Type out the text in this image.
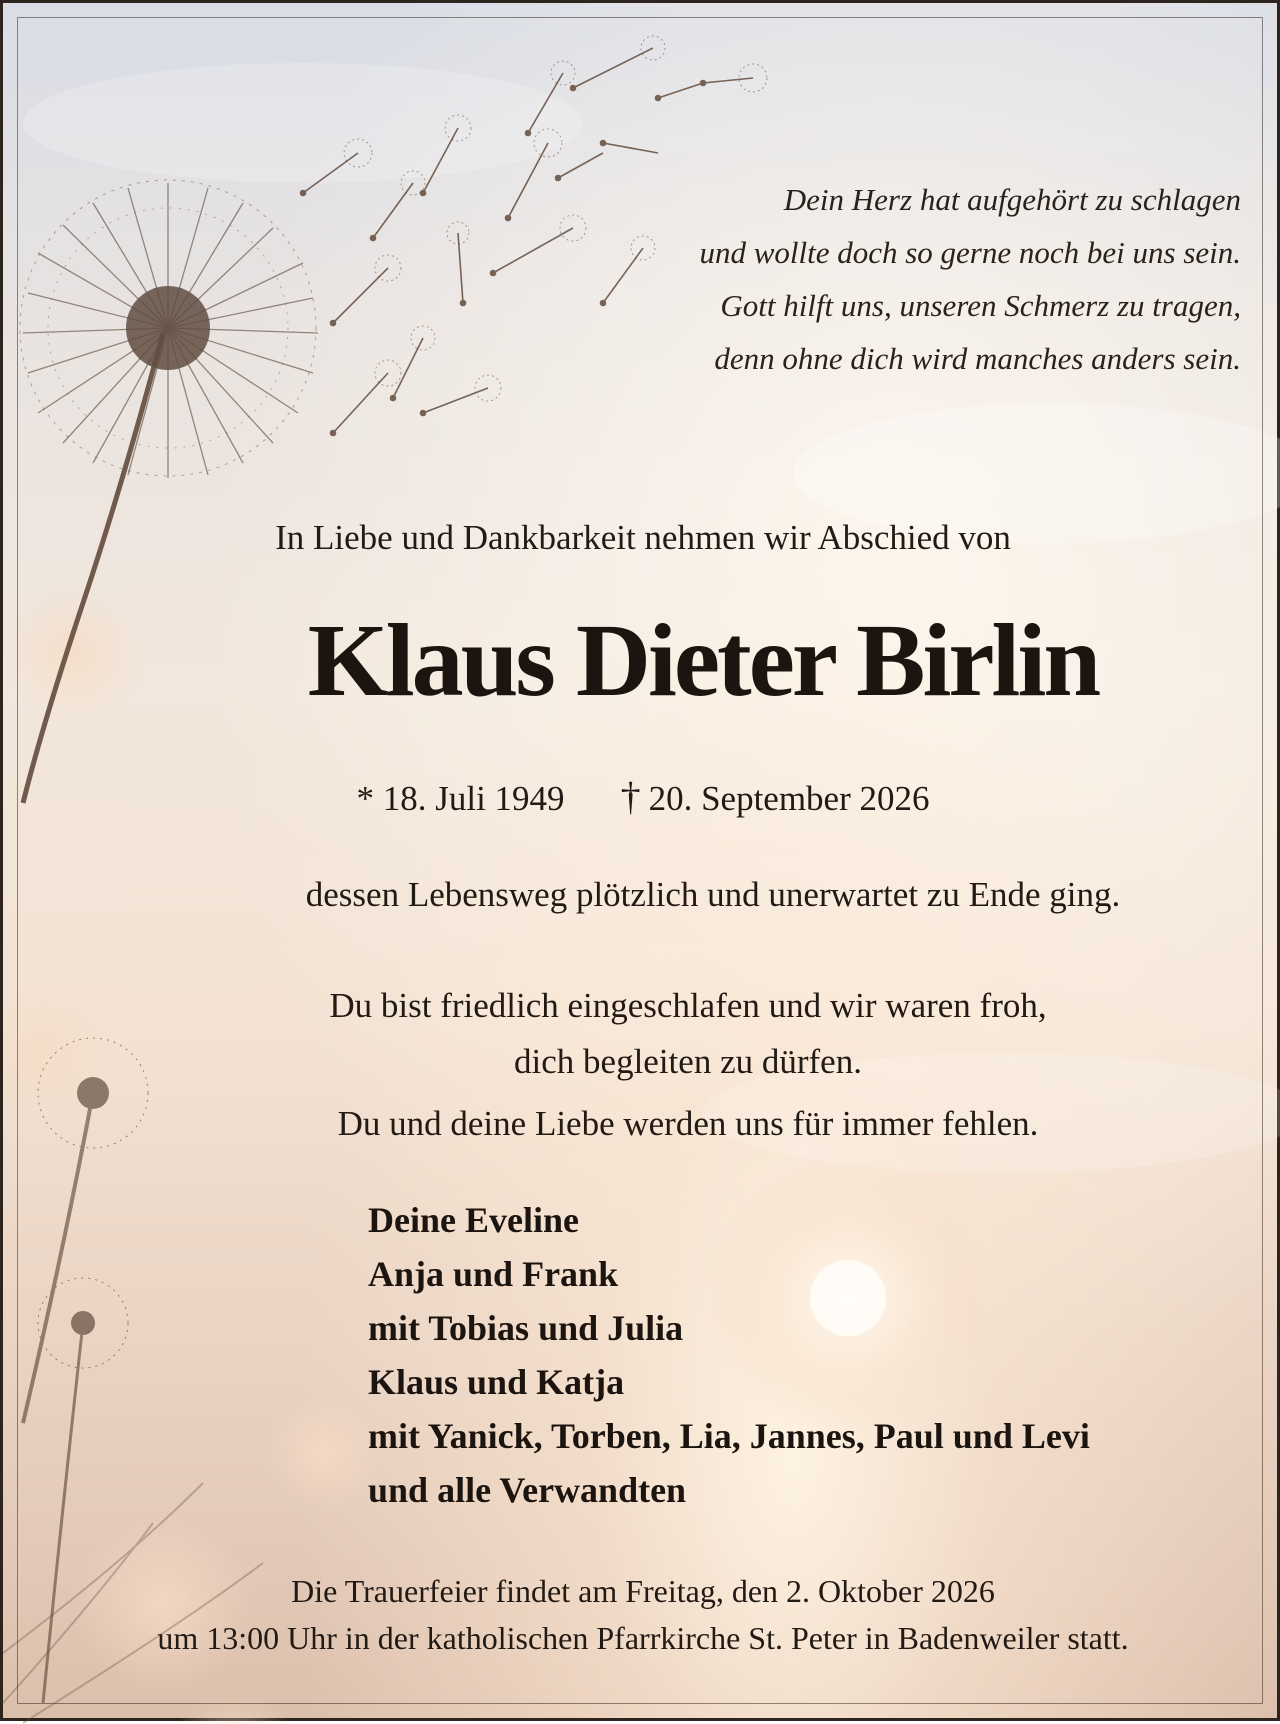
Dein Herz hat aufgehört zu schlagen
und wollte doch so gerne noch bei uns sein.
Gott hilft uns, unseren Schmerz zu tragen,
denn ohne dich wird manches anders sein.
In Liebe und Dankbarkeit nehmen wir Abschied von
Klaus Dieter Birlin
* 18. Juli 1949 † 20. September 2026
dessen Lebensweg plötzlich und unerwartet zu Ende ging.
Du bist friedlich eingeschlafen und wir waren froh,
dich begleiten zu dürfen.
Du und deine Liebe werden uns für immer fehlen.
Deine Eveline
Anja und Frank
mit Tobias und Julia
Klaus und Katja
mit Yanick, Torben, Lia, Jannes, Paul und Levi
und alle Verwandten
Die Trauerfeier findet am Freitag, den 2. Oktober 2026
um 13:00 Uhr in der katholischen Pfarrkirche St. Peter in Badenweiler statt.
